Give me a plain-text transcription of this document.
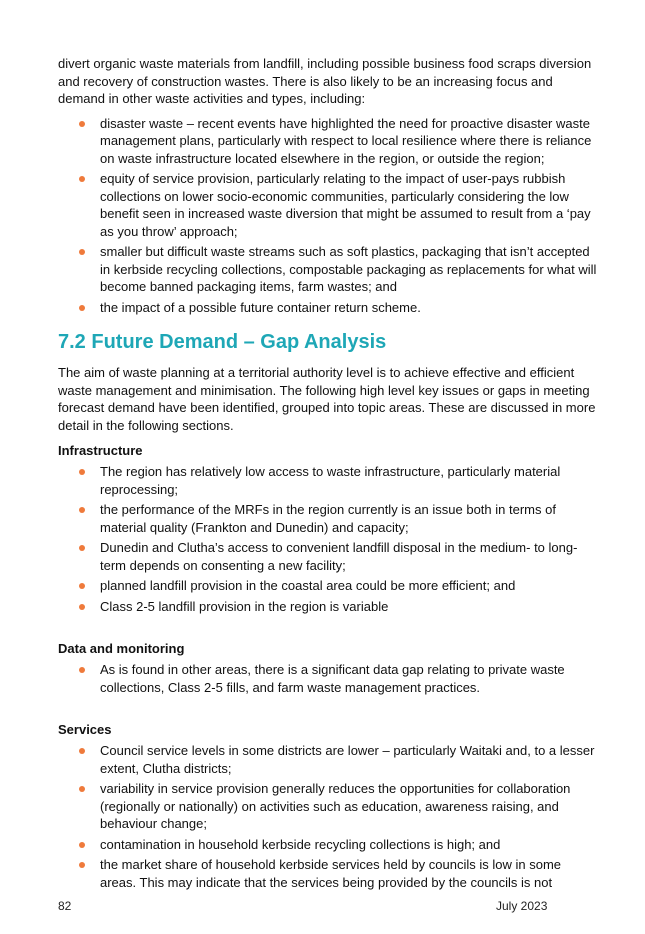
divert organic waste materials from landfill, including possible business food scraps diversion and recovery of construction wastes. There is also likely to be an increasing focus and demand in other waste activities and types, including:

disaster waste – recent events have highlighted the need for proactive disaster waste management plans, particularly with respect to local resilience where there is reliance on waste infrastructure located elsewhere in the region, or outside the region;
equity of service provision, particularly relating to the impact of user-pays rubbish collections on lower socio-economic communities, particularly considering the low benefit seen in increased waste diversion that might be assumed to result from a ‘pay as you throw’ approach;
smaller but difficult waste streams such as soft plastics, packaging that isn’t accepted in kerbside recycling collections, compostable packaging as replacements for what will become banned packaging items, farm wastes; and
the impact of a possible future container return scheme.
7.2 Future Demand – Gap Analysis

The aim of waste planning at a territorial authority level is to achieve effective and efficient waste management and minimisation. The following high level key issues or gaps in meeting forecast demand have been identified, grouped into topic areas. These are discussed in more detail in the following sections.

Infrastructure
The region has relatively low access to waste infrastructure, particularly material reprocessing;
the performance of the MRFs in the region currently is an issue both in terms of material quality (Frankton and Dunedin) and capacity;
Dunedin and Clutha’s access to convenient landfill disposal in the medium- to long-term depends on consenting a new facility;
planned landfill provision in the coastal area could be more efficient; and
Class 2-5 landfill provision in the region is variable
Data and monitoring
As is found in other areas, there is a significant data gap relating to private waste collections, Class 2-5 fills, and farm waste management practices.
Services
Council service levels in some districts are lower – particularly Waitaki and, to a lesser extent, Clutha districts;
variability in service provision generally reduces the opportunities for collaboration (regionally or nationally) on activities such as education, awareness raising, and behaviour change;
contamination in household kerbside recycling collections is high; and
the market share of household kerbside services held by councils is low in some areas. This may indicate that the services being provided by the councils is not
82	July 2023
